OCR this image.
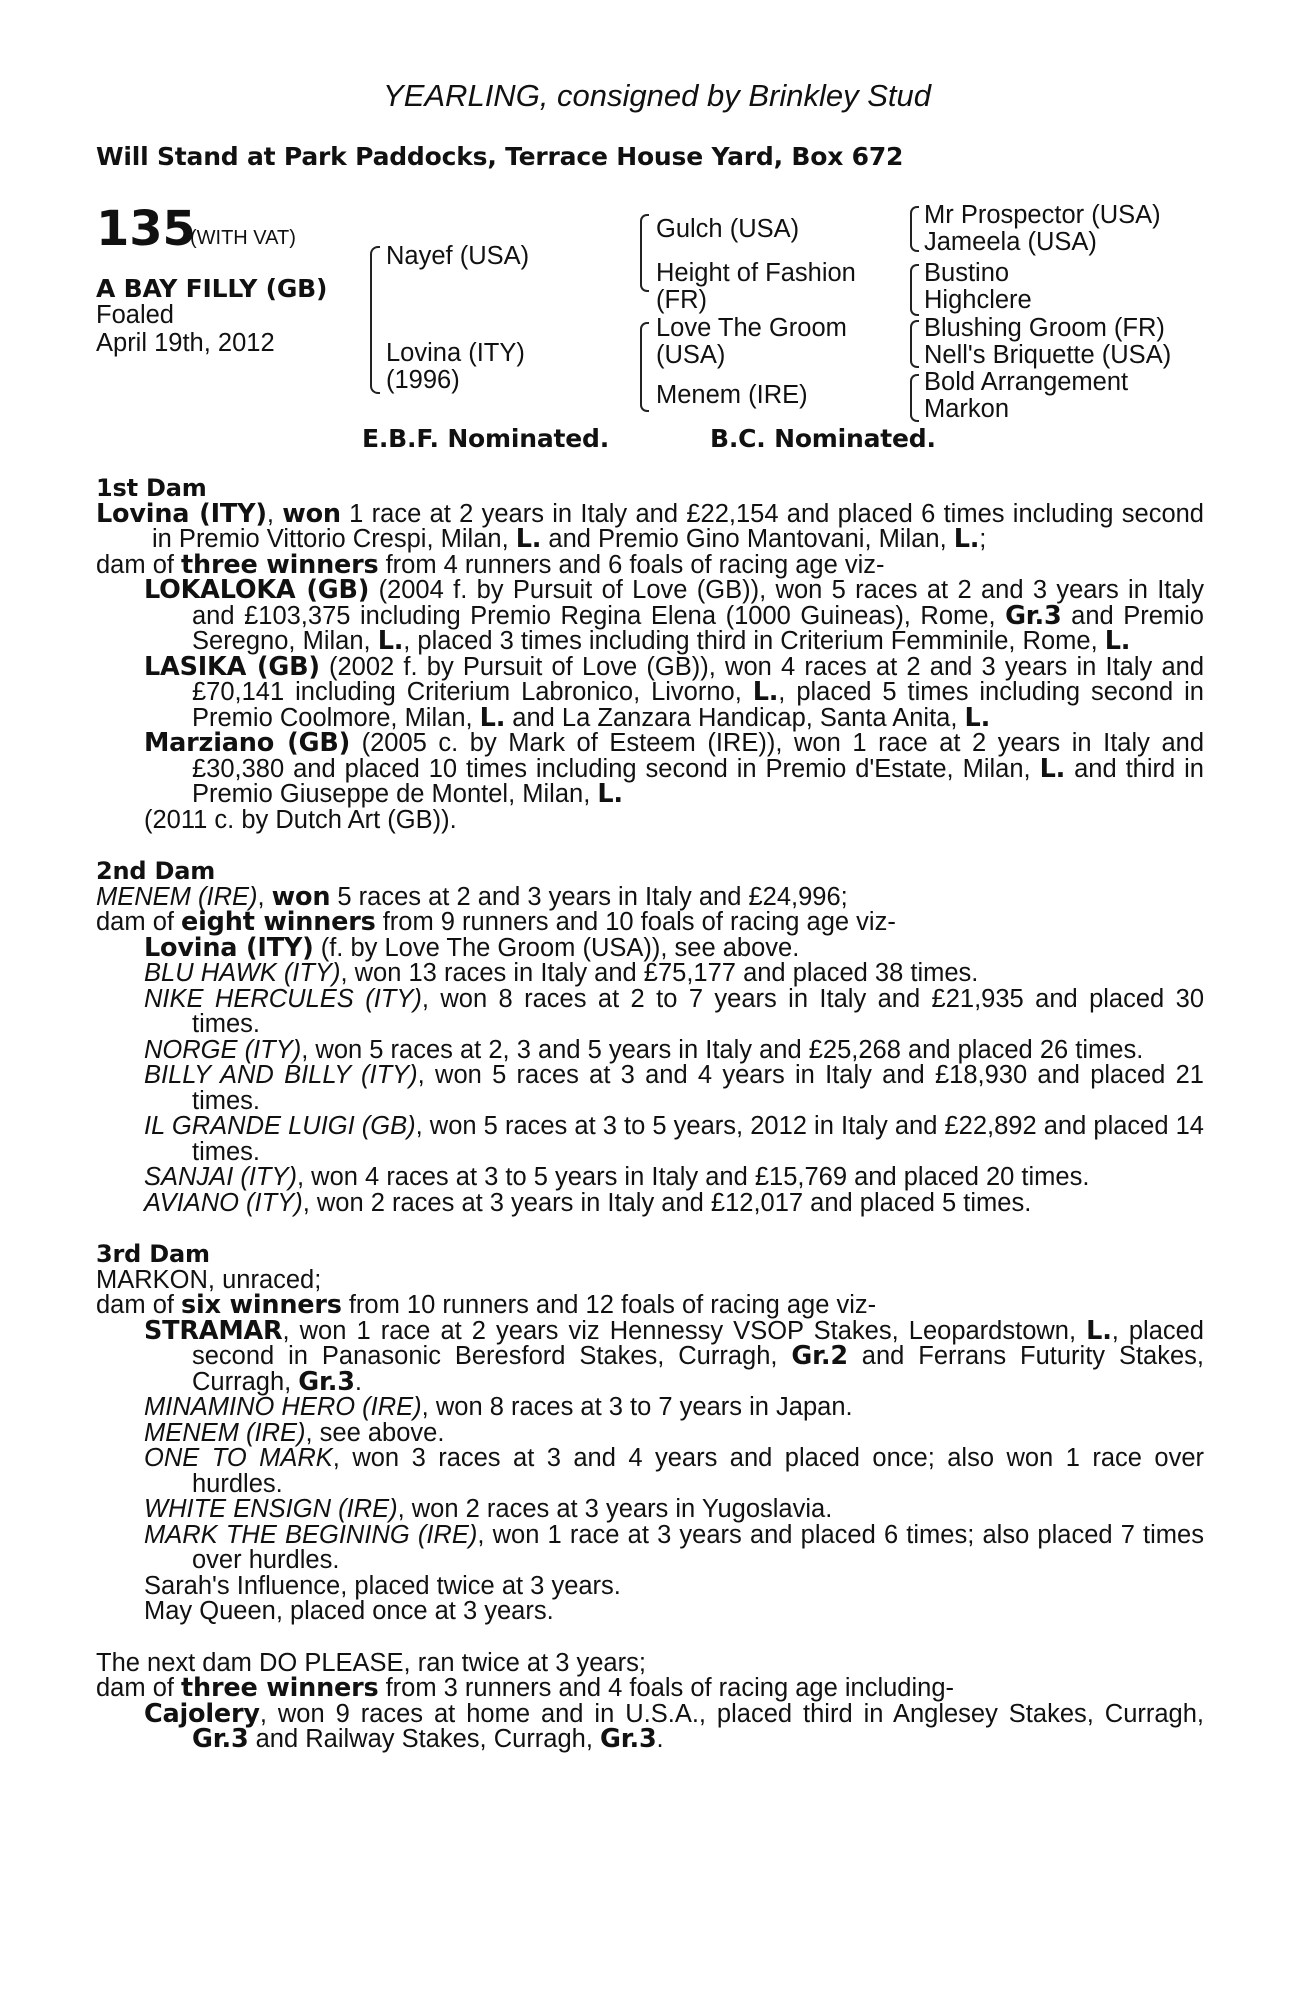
YEARLING, consigned by Brinkley Stud
Will Stand at Park Paddocks, Terrace House Yard, Box 672
135
(WITH VAT)
A BAY FILLY (GB)
Foaled
April 19th, 2012
Nayef (USA)
Lovina (ITY)
(1996)
Gulch (USA)
Height of Fashion
(FR)
Love The Groom
(USA)
Menem (IRE)
Mr Prospector (USA)
Jameela (USA)
Bustino
Highclere
Blushing Groom (FR)
Nell's Briquette (USA)
Bold Arrangement
Markon
E.B.F. Nominated.	B.C. Nominated.
1st Dam
Lovina (ITY), won 1 race at 2 years in Italy and £22,154 and placed 6 times including second in Premio Vittorio Crespi, Milan, L. and Premio Gino Mantovani, Milan, L.;
dam of three winners from 4 runners and 6 foals of racing age viz-
LOKALOKA (GB) (2004 f. by Pursuit of Love (GB)), won 5 races at 2 and 3 years in Italy and £103,375 including Premio Regina Elena (1000 Guineas), Rome, Gr.3 and Premio Seregno, Milan, L., placed 3 times including third in Criterium Femminile, Rome, L.
LASIKA (GB) (2002 f. by Pursuit of Love (GB)), won 4 races at 2 and 3 years in Italy and £70,141 including Criterium Labronico, Livorno, L., placed 5 times including second in Premio Coolmore, Milan, L. and La Zanzara Handicap, Santa Anita, L.
Marziano (GB) (2005 c. by Mark of Esteem (IRE)), won 1 race at 2 years in Italy and £30,380 and placed 10 times including second in Premio d'Estate, Milan, L. and third in Premio Giuseppe de Montel, Milan, L.
(2011 c. by Dutch Art (GB)).
2nd Dam
MENEM (IRE), won 5 races at 2 and 3 years in Italy and £24,996;
dam of eight winners from 9 runners and 10 foals of racing age viz-
Lovina (ITY) (f. by Love The Groom (USA)), see above.
BLU HAWK (ITY), won 13 races in Italy and £75,177 and placed 38 times.
NIKE HERCULES (ITY), won 8 races at 2 to 7 years in Italy and £21,935 and placed 30 times.
NORGE (ITY), won 5 races at 2, 3 and 5 years in Italy and £25,268 and placed 26 times.
BILLY AND BILLY (ITY), won 5 races at 3 and 4 years in Italy and £18,930 and placed 21 times.
IL GRANDE LUIGI (GB), won 5 races at 3 to 5 years, 2012 in Italy and £22,892 and placed 14 times.
SANJAI (ITY), won 4 races at 3 to 5 years in Italy and £15,769 and placed 20 times.
AVIANO (ITY), won 2 races at 3 years in Italy and £12,017 and placed 5 times.
3rd Dam
MARKON, unraced;
dam of six winners from 10 runners and 12 foals of racing age viz-
STRAMAR, won 1 race at 2 years viz Hennessy VSOP Stakes, Leopardstown, L., placed second in Panasonic Beresford Stakes, Curragh, Gr.2 and Ferrans Futurity Stakes, Curragh, Gr.3.
MINAMINO HERO (IRE), won 8 races at 3 to 7 years in Japan.
MENEM (IRE), see above.
ONE TO MARK, won 3 races at 3 and 4 years and placed once; also won 1 race over hurdles.
WHITE ENSIGN (IRE), won 2 races at 3 years in Yugoslavia.
MARK THE BEGINING (IRE), won 1 race at 3 years and placed 6 times; also placed 7 times over hurdles.
Sarah's Influence, placed twice at 3 years.
May Queen, placed once at 3 years.
The next dam DO PLEASE, ran twice at 3 years;
dam of three winners from 3 runners and 4 foals of racing age including-
Cajolery, won 9 races at home and in U.S.A., placed third in Anglesey Stakes, Curragh, Gr.3 and Railway Stakes, Curragh, Gr.3.
